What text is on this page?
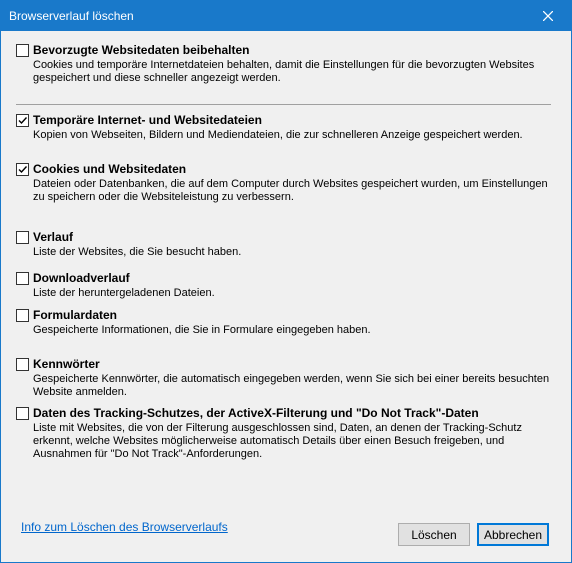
Browserverlauf löschen
Bevorzugte Websitedaten beibehalten
Cookies und temporäre Internetdateien behalten, damit die Einstellungen für die bevorzugten Websites gespeichert und diese schneller angezeigt werden.
Temporäre Internet- und Websitedateien
Kopien von Webseiten, Bildern und Mediendateien, die zur schnelleren Anzeige gespeichert werden.
Cookies und Websitedaten
Dateien oder Datenbanken, die auf dem Computer durch Websites gespeichert wurden, um Einstellungen zu speichern oder die Websiteleistung zu verbessern.
Verlauf
Liste der Websites, die Sie besucht haben.
Downloadverlauf
Liste der heruntergeladenen Dateien.
Formulardaten
Gespeicherte Informationen, die Sie in Formulare eingegeben haben.
Kennwörter
Gespeicherte Kennwörter, die automatisch eingegeben werden, wenn Sie sich bei einer bereits besuchten Website anmelden.
Daten des Tracking-Schutzes, der ActiveX-Filterung und "Do Not Track"-Daten
Liste mit Websites, die von der Filterung ausgeschlossen sind, Daten, an denen der Tracking-Schutz erkennt, welche Websites möglicherweise automatisch Details über einen Besuch freigeben, und Ausnahmen für "Do Not Track"-Anforderungen.
Info zum Löschen des Browserverlaufs
Löschen	Abbrechen
